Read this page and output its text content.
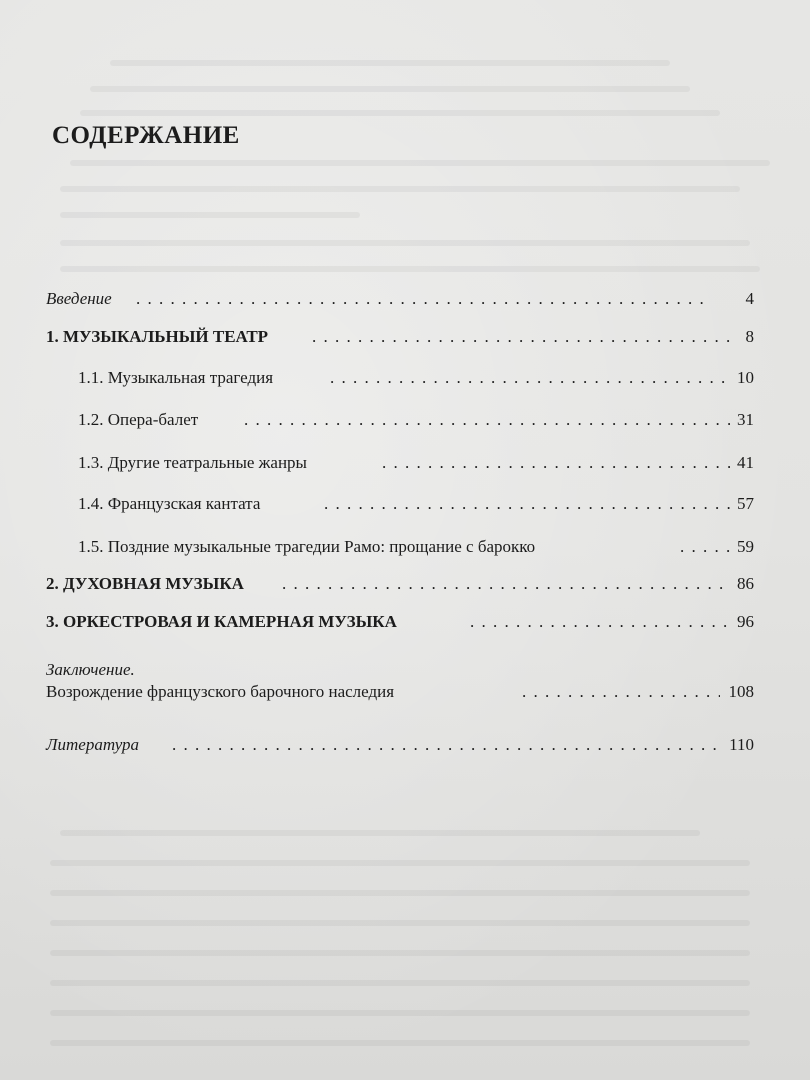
СОДЕРЖАНИЕ
Введение . . .	4
1. МУЗЫКАЛЬНЫЙ ТЕАТР . . .	8
1.1. Музыкальная трагедия . . .	10
1.2. Опера-балет . . .	31
1.3. Другие театральные жанры . . .	41
1.4. Французская кантата . . .	57
1.5. Поздние музыкальные трагедии Рамо: прощание с барокко . . .	59
2. ДУХОВНАЯ МУЗЫКА . . .	86
3. ОРКЕСТРОВАЯ И КАМЕРНАЯ МУЗЫКА . . .	96
Заключение.
Возрождение французского барочного наследия . . .	108
Литература . . .	110
